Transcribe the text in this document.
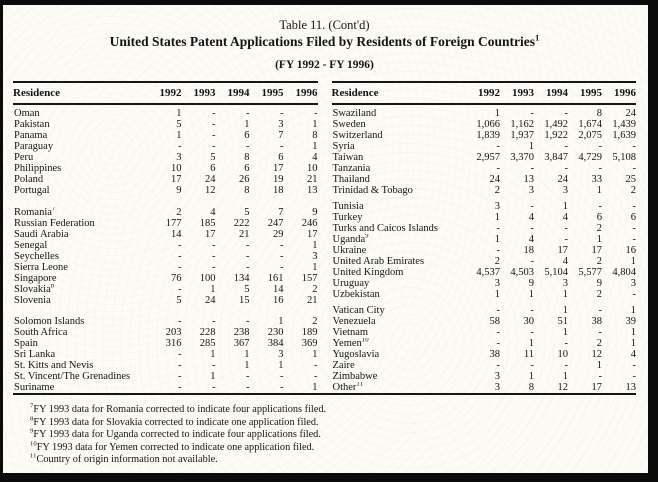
Table 11. (Cont'd)
United States Patent Applications Filed by Residents of Foreign Countries$^1$
(FY 1992 - FY 1996)
Residence	1992	1993	1994	1995	1996
Oman	1	-	-	-	-
Pakistan	5	-	1	3	1
Panama	1	-	6	7	8
Paraguay	-	-	-	-	1
Peru	3	5	8	6	4
Philippines	10	6	6	17	10
Poland	17	24	26	19	21
Portugal	9	12	8	18	13
Romania$^7$	2	4	5	7	9
Russian Federation	177	185	222	247	246
Saudi Arabia	14	17	21	29	17
Senegal	-	-	-	-	1
Seychelles	-	-	-	-	3
Sierra Leone	-	-	-	-	1
Singapore	76	100	134	161	157
Slovakia$^8$	-	1	5	14	2
Slovenia	5	24	15	16	21
Solomon Islands	-	-	-	1	2
South Africa	203	228	238	230	189
Spain	316	285	367	384	369
Sri Lanka	-	1	1	3	1
St. Kitts and Nevis	-	-	1	1	-
St. Vincent/The Grenadines	-	1	-	-	-
Suriname	-	-	-	-	1
Residence	1992	1993	1994	1995	1996
Swaziland	1	-	-	8	24
Sweden	1,066 1,162 1,492 1,674 1,439
Switzerland	1,839 1,937 1,922 2,075 1,639
Syria	-	1	-	-	-
Taiwan	2,957 3,370 3,847 4,729 5,108
Tanzania	-	-	-	-	-
Thailand	24	13	24	33	25
Trinidad & Tobago	2	3	3	1	2
Tunisia	3	-	1	-	-
Turkey	1	4	4	6	6
Turks and Caicos Islands	-	-	-	2	-
Uganda$^9$	1	4	-	1	-
Ukraine	-	18	17	17	16
United Arab Emirates	2	-	4	2	1
United Kingdom	4,537 4,503 5,104 5,577 4,804
Uruguay	3	9	3	9	3
Uzbekistan	1	1	1	2	-
Vatican City	-	-	1	-	1
Venezuela	58	30	51	38	39
Vietnam	-	-	1	-	1
Yemen$^{10}$	-	1	-	2	1
Yugoslavia	38	11	10	12	4
Zaire	-	-	-	1	-
Zimbabwe	3	1	1	-	-
Other$^{11}$	3	8	12	17	13
$^7$FY 1993 data for Romania corrected to indicate four applications filed.
$^8$FY 1993 data for Slovakia corrected to indicate one application filed.
$^9$FY 1993 data for Uganda corrected to indicate four applications filed.
$^{10}$FY 1993 data for Yemen corrected to indicate one application filed.
$^{11}$Country of origin information not available.
